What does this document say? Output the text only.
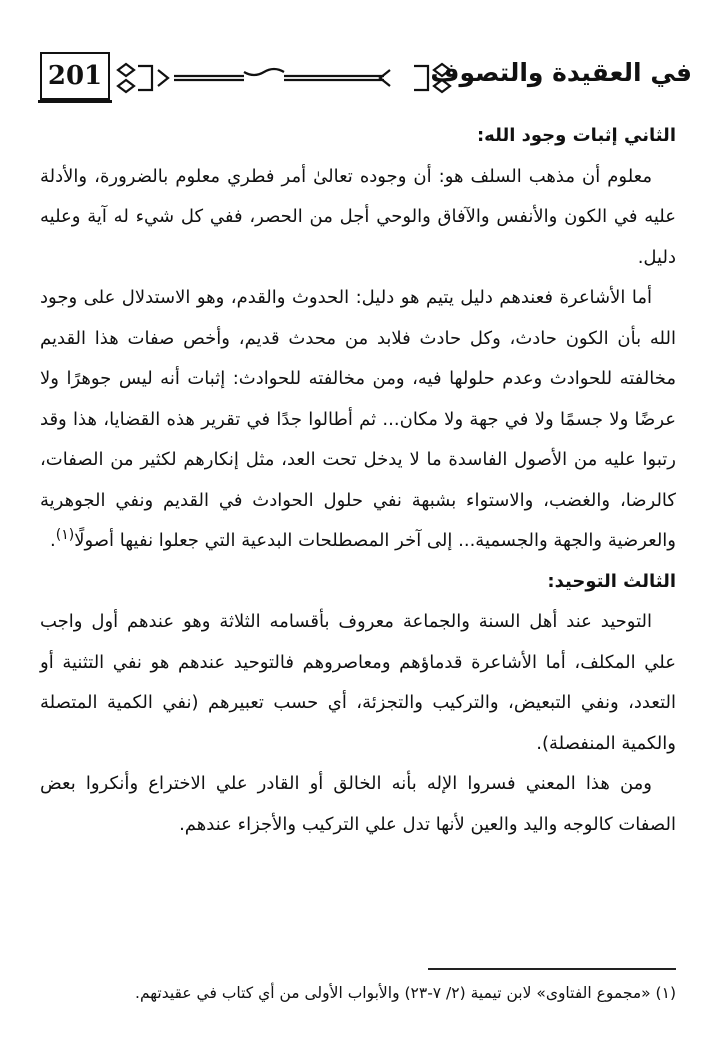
201	في العقيدة والتصوف

الثاني إثبات وجود الله:

معلوم أن مذهب السلف هو: أن وجوده تعالىٰ أمر فطري معلوم بالضرورة، والأدلة عليه في الكون والأنفس والآفاق والوحي أجل من الحصر، ففي كل شيء له آية وعليه دليل.

أما الأشاعرة فعندهم دليل يتيم هو دليل: الحدوث والقدم، وهو الاستدلال على وجود الله بأن الكون حادث، وكل حادث فلابد من محدث قديم، وأخص صفات هذا القديم مخالفته للحوادث وعدم حلولها فيه، ومن مخالفته للحوادث: إثبات أنه ليس جوهرًا ولا عرضًا ولا جسمًا ولا في جهة ولا مكان... ثم أطالوا جدًا في تقرير هذه القضايا، هذا وقد رتبوا عليه من الأصول الفاسدة ما لا يدخل تحت العد، مثل إنكارهم لكثير من الصفات، كالرضا، والغضب، والاستواء بشبهة نفي حلول الحوادث في القديم ونفي الجوهرية والعرضية والجهة والجسمية... إلى آخر المصطلحات البدعية التي جعلوا نفيها أصولًا$^{(١)}$.

الثالث التوحيد:

التوحيد عند أهل السنة والجماعة معروف بأقسامه الثلاثة وهو عندهم أول واجب علي المكلف، أما الأشاعرة قدماؤهم ومعاصروهم فالتوحيد عندهم هو نفي التثنية أو التعدد، ونفي التبعيض، والتركيب والتجزئة، أي حسب تعبيرهم (نفي الكمية المتصلة والكمية المنفصلة).

ومن هذا المعني فسروا الإله بأنه الخالق أو القادر علي الاختراع وأنكروا بعض الصفات كالوجه واليد والعين لأنها تدل علي التركيب والأجزاء عندهم.

(١) «مجموع الفتاوى» لابن تيمية (٢/ ٧-٢٣) والأبواب الأولى من أي كتاب في عقيدتهم.
